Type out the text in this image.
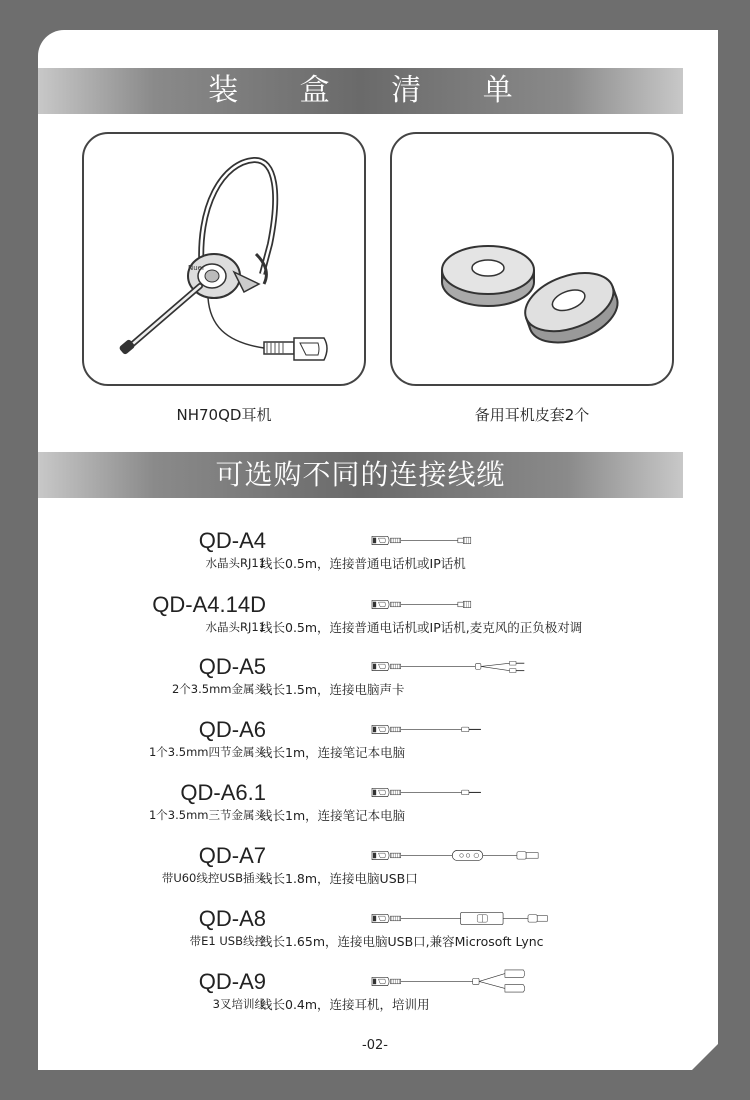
装 盒 清 单
Nuer
NH70QD耳机	备用耳机皮套2个
可选购不同的连接线缆
QD-A4
水晶头RJ11
线长0.5m，连接普通电话机或IP话机
QD-A4.14D
水晶头RJ11
线长0.5m，连接普通电话机或IP话机,麦克风的正负极对调
QD-A5
2个3.5mm金属头
线长1.5m，连接电脑声卡
QD-A6
1个3.5mm四节金属头
线长1m，连接笔记本电脑
QD-A6.1
1个3.5mm三节金属头
线长1m，连接笔记本电脑
QD-A7
带U60线控USB插头
线长1.8m，连接电脑USB口
QD-A8
带E1 USB线控
线长1.65m，连接电脑USB口,兼容Microsoft Lync
QD-A9
3叉培训线
线长0.4m，连接耳机，培训用
-02-
